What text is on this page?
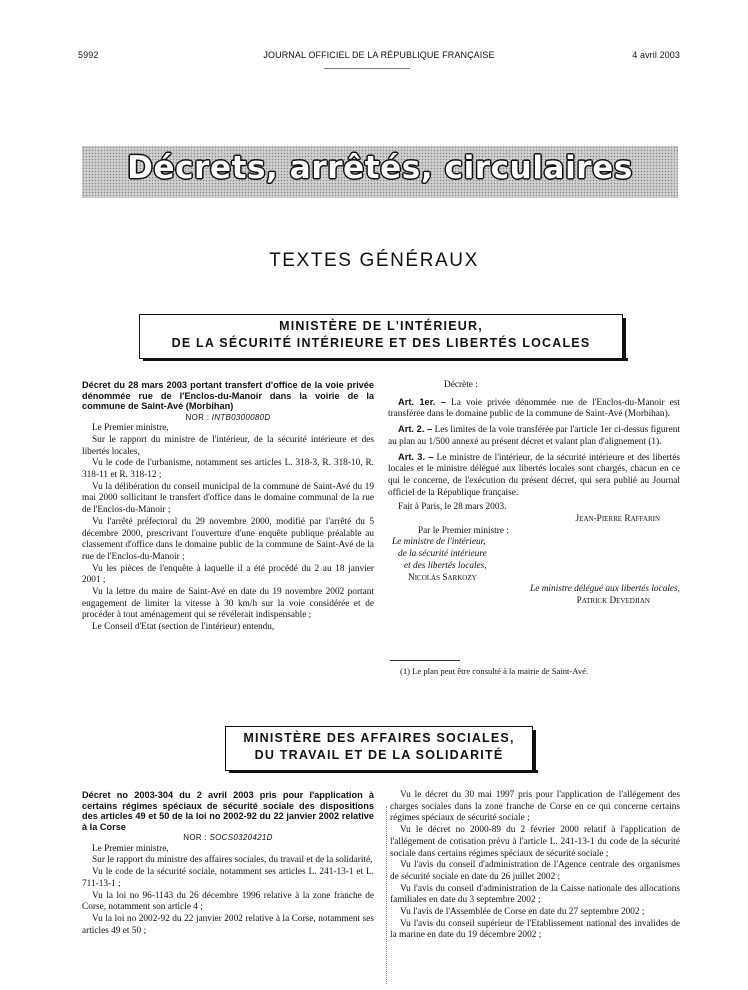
5992	JOURNAL OFFICIEL DE LA RÉPUBLIQUE FRANÇAISE	4 avril 2003
Décrets, arrêtés, circulaires
TEXTES GÉNÉRAUX
MINISTÈRE DE L'INTÉRIEUR,
DE LA SÉCURITÉ INTÉRIEURE ET DES LIBERTÉS LOCALES

Décret du 28 mars 2003 portant transfert d'office de la voie privée dénommée rue de l'Enclos-du-Manoir dans la voirie de la commune de Saint-Avé (Morbihan)

NOR : INTB0300080D

Le Premier ministre,

Sur le rapport du ministre de l'intérieur, de la sécurité intérieure et des libertés locales,

Vu le code de l'urbanisme, notamment ses articles L. 318-3, R. 318-10, R. 318-11 et R. 318-12 ;

Vu la délibération du conseil municipal de la commune de Saint-Avé du 19 mai 2000 sollicitant le transfert d'office dans le domaine communal de la rue de l'Enclos-du-Manoir ;

Vu l'arrêté préfectoral du 29 novembre 2000, modifié par l'arrêté du 5 décembre 2000, prescrivant l'ouverture d'une enquête publique préalable au classement d'office dans le domaine public de la commune de Saint-Avé de la rue de l'Enclos-du-Manoir ;

Vu les pièces de l'enquête à laquelle il a été procédé du 2 au 18 janvier 2001 ;

Vu la lettre du maire de Saint-Avé en date du 19 novembre 2002 portant engagement de limiter la vitesse à 30 km/h sur la voie considérée et de procéder à tout aménagement qui se révélerait indispensable ;

Le Conseil d'Etat (section de l'intérieur) entendu,

Décrète :

Art. 1er. – La voie privée dénommée rue de l'Enclos-du-Manoir est transférée dans le domaine public de la commune de Saint-Avé (Morbihan).

Art. 2. – Les limites de la voie transférée par l'article 1er ci-dessus figurent au plan au 1/500 annexé au présent décret et valant plan d'alignement (1).

Art. 3. – Le ministre de l'intérieur, de la sécurité intérieure et des libertés locales et le ministre délégué aux libertés locales sont chargés, chacun en ce qui le concerne, de l'exécution du présent décret, qui sera publié au Journal officiel de la République française.

Fait à Paris, le 28 mars 2003.

Jean-Pierre Raffarin

Par le Premier ministre :

Le ministre de l'intérieur,

de la sécurité intérieure

et des libertés locales,

Nicolas Sarkozy

Le ministre délégué aux libertés locales,

Patrick Devedjian

(1) Le plan peut être consulté à la mairie de Saint-Avé.
MINISTÈRE DES AFFAIRES SOCIALES,
DU TRAVAIL ET DE LA SOLIDARITÉ

Décret no 2003-304 du 2 avril 2003 pris pour l'application à certains régimes spéciaux de sécurité sociale des dispositions des articles 49 et 50 de la loi no 2002-92 du 22 janvier 2002 relative à la Corse

NOR : SOCS0320421D

Le Premier ministre,

Sur le rapport du ministre des affaires sociales, du travail et de la solidarité,

Vu le code de la sécurité sociale, notamment ses articles L. 241-13-1 et L. 711-13-1 ;

Vu la loi no 96-1143 du 26 décembre 1996 relative à la zone franche de Corse, notamment son article 4 ;

Vu la loi no 2002-92 du 22 janvier 2002 relative à la Corse, notamment ses articles 49 et 50 ;

Vu le décret du 30 mai 1997 pris pour l'application de l'allégement des charges sociales dans la zone franche de Corse en ce qui concerne certains régimes spéciaux de sécurité sociale ;

Vu le décret no 2000-89 du 2 février 2000 relatif à l'application de l'allégement de cotisation prévu à l'article L. 241-13-1 du code de la sécurité sociale dans certains régimes spéciaux de sécurité sociale ;

Vu l'avis du conseil d'administration de l'Agence centrale des organismes de sécurité sociale en date du 26 juillet 2002 ;

Vu l'avis du conseil d'administration de la Caisse nationale des allocations familiales en date du 3 septembre 2002 ;

Vu l'avis de l'Assemblée de Corse en date du 27 septembre 2002 ;

Vu l'avis du conseil supérieur de l'Etablissement national des invalides de la marine en date du 19 décembre 2002 ;
